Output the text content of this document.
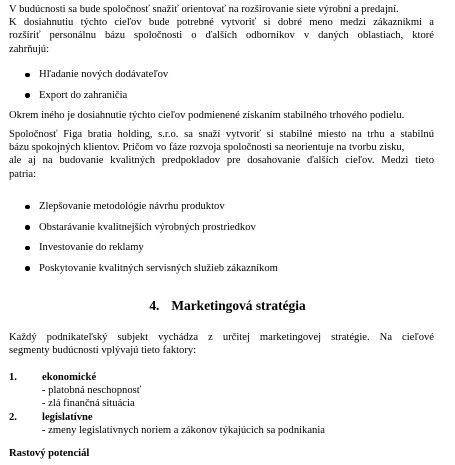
V budúcnosti sa bude spoločnosť snažiť orientovať na rozširovanie siete výrobní a predajní.

K dosiahnutiu týchto cieľov bude potrebné vytvoriť si dobré meno medzi zákazníkmi a

rozšíriť personálnu bázu spoločnosti o ďalších odborníkov v daných oblastiach, ktoré

zahrňujú:

Hľadanie nových dodávateľov
Export do zahraničia

Okrem iného je dosiahnutie týchto cieľov podmienené získaním stabilného trhového podielu.

Spoločnosť Figa bratia holding, s.r.o. sa snaží vytvoriť si stabilné miesto na trhu a stabilnú

bázu spokojných klientov. Pričom vo fáze rozvoja spoločnosti sa neorientuje na tvorbu zisku,

ale aj na budovanie kvalitných predpokladov pre dosahovanie ďalších cieľov. Medzi tieto

patria:

Zlepšovanie metodológie návrhu produktov
Obstarávanie kvalitnejších výrobných prostriedkov
Investovanie do reklamy
Poskytovanie kvalitných servisných služieb zákazníkom
4. Marketingová stratégia

Každý podnikateľský subjekt vychádza z určitej marketingovej stratégie. Na cieľové

segmenty budúcnosti vplývajú tieto faktory:

1. ekonomické
- platobná neschopnosť
- zlá finančná situácia
2. legislatívne
- zmeny legislatívnych noriem a zákonov týkajúcich sa podnikania

Rastový potenciál
